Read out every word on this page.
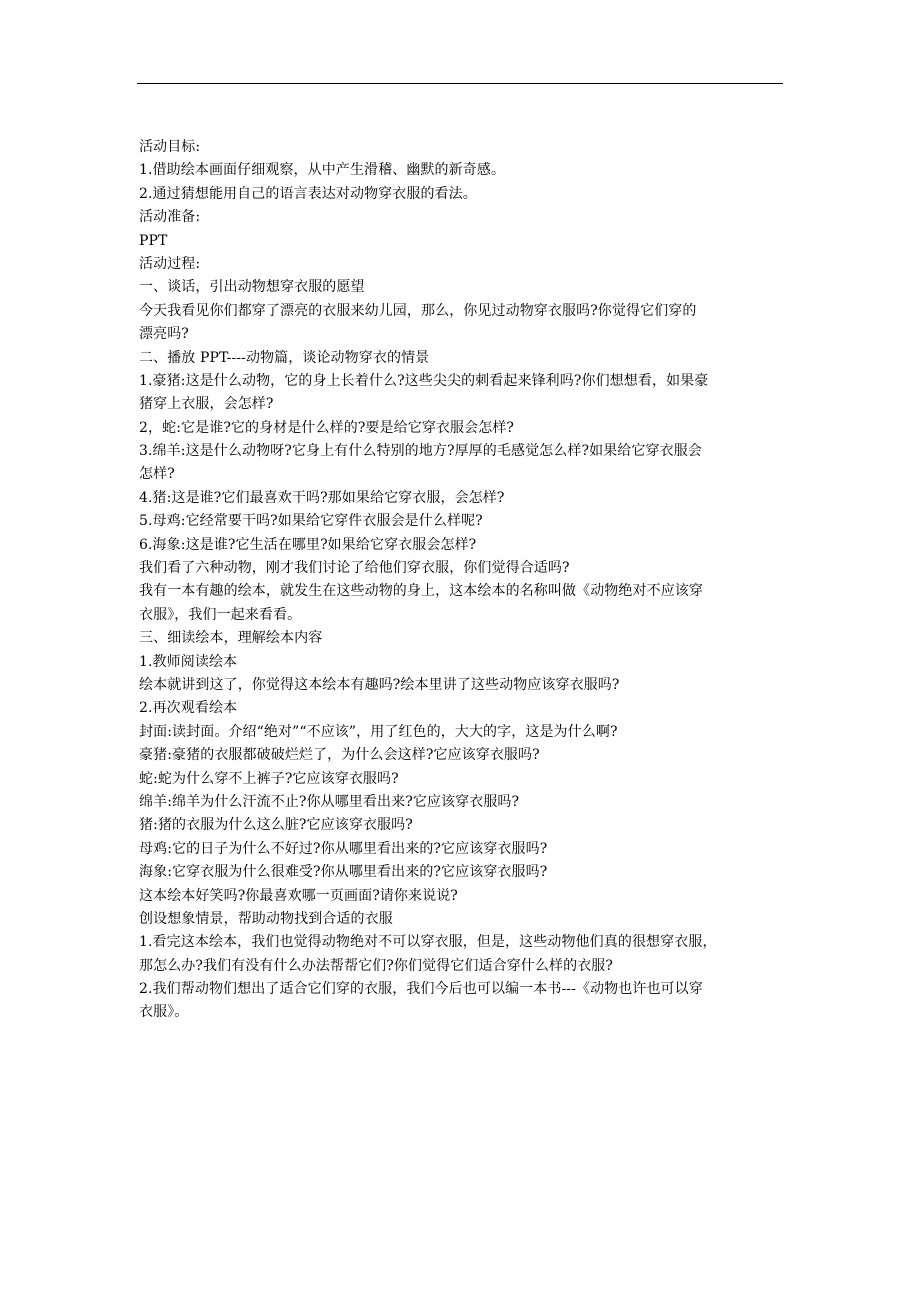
活动目标:
1.借助绘本画面仔细观察，从中产生滑稽、幽默的新奇感。
2.通过猜想能用自己的语言表达对动物穿衣服的看法。
活动准备:
PPT
活动过程:
一、谈话，引出动物想穿衣服的愿望
今天我看见你们都穿了漂亮的衣服来幼儿园，那么，你见过动物穿衣服吗?你觉得它们穿的
漂亮吗?
二、播放 PPT----动物篇，谈论动物穿衣的情景
1.豪猪:这是什么动物，它的身上长着什么?这些尖尖的刺看起来锋利吗?你们想想看，如果豪
猪穿上衣服，会怎样?
2，蛇:它是谁?它的身材是什么样的?要是给它穿衣服会怎样?
3.绵羊:这是什么动物呀?它身上有什么特别的地方?厚厚的毛感觉怎么样?如果给它穿衣服会
怎样?
4.猪:这是谁?它们最喜欢干吗?那如果给它穿衣服，会怎样?
5.母鸡:它经常要干吗?如果给它穿件衣服会是什么样呢?
6.海象:这是谁?它生活在哪里?如果给它穿衣服会怎样?
我们看了六种动物，刚才我们讨论了给他们穿衣服，你们觉得合适吗?
我有一本有趣的绘本，就发生在这些动物的身上，这本绘本的名称叫做《动物绝对不应该穿
衣服》，我们一起来看看。
三、细读绘本，理解绘本内容
1.教师阅读绘本
绘本就讲到这了，你觉得这本绘本有趣吗?绘本里讲了这些动物应该穿衣服吗?
2.再次观看绘本
封面:读封面。介绍“绝对”“不应该”，用了红色的，大大的字，这是为什么啊?
豪猪:豪猪的衣服都破破烂烂了，为什么会这样?它应该穿衣服吗?
蛇:蛇为什么穿不上裤子?它应该穿衣服吗?
绵羊:绵羊为什么汗流不止?你从哪里看出来?它应该穿衣服吗?
猪:猪的衣服为什么这么脏?它应该穿衣服吗?
母鸡:它的日子为什么不好过?你从哪里看出来的?它应该穿衣服吗?
海象:它穿衣服为什么很难受?你从哪里看出来的?它应该穿衣服吗?
这本绘本好笑吗?你最喜欢哪一页画面?请你来说说?
创设想象情景，帮助动物找到合适的衣服
1.看完这本绘本，我们也觉得动物绝对不可以穿衣服，但是，这些动物他们真的很想穿衣服，
那怎么办?我们有没有什么办法帮帮它们?你们觉得它们适合穿什么样的衣服?
2.我们帮动物们想出了适合它们穿的衣服，我们今后也可以编一本书---《动物也许也可以穿
衣服》。
